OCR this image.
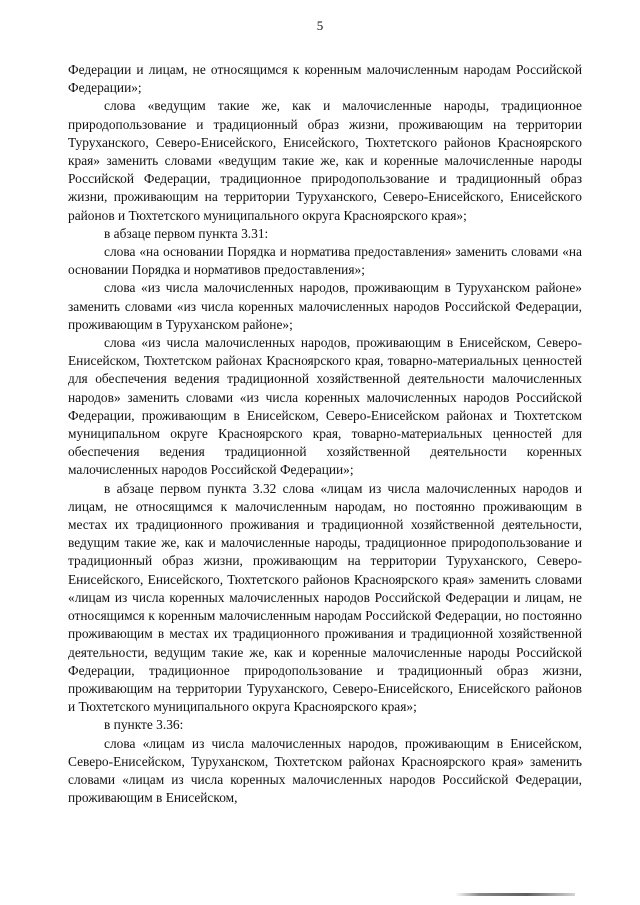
5

Федерации и лицам, не относящимся к коренным малочисленным народам Российской Федерации»;

слова «ведущим такие же, как и малочисленные народы, традиционное природопользование и традиционный образ жизни, проживающим на территории Туруханского, Северо-Енисейского, Енисейского, Тюхтетского районов Красноярского края» заменить словами «ведущим такие же, как и коренные малочисленные народы Российской Федерации, традиционное природопользование и традиционный образ жизни, проживающим на территории Туруханского, Северо-Енисейского, Енисейского районов и Тюхтетского муниципального округа Красноярского края»;

в абзаце первом пункта 3.31:

слова «на основании Порядка и норматива предоставления» заменить словами «на основании Порядка и нормативов предоставления»;

слова «из числа малочисленных народов, проживающим в Туруханском районе» заменить словами «из числа коренных малочисленных народов Российской Федерации, проживающим в Туруханском районе»;

слова «из числа малочисленных народов, проживающим в Енисейском, Северо-Енисейском, Тюхтетском районах Красноярского края, товарно-материальных ценностей для обеспечения ведения традиционной хозяйственной деятельности малочисленных народов» заменить словами «из числа коренных малочисленных народов Российской Федерации, проживающим в Енисейском, Северо-Енисейском районах и Тюхтетском муниципальном округе Красноярского края, товарно-материальных ценностей для обеспечения ведения традиционной хозяйственной деятельности коренных малочисленных народов Российской Федерации»;

в абзаце первом пункта 3.32 слова «лицам из числа малочисленных народов и лицам, не относящимся к малочисленным народам, но постоянно проживающим в местах их традиционного проживания и традиционной хозяйственной деятельности, ведущим такие же, как и малочисленные народы, традиционное природопользование и традиционный образ жизни, проживающим на территории Туруханского, Северо-Енисейского, Енисейского, Тюхтетского районов Красноярского края» заменить словами «лицам из числа коренных малочисленных народов Российской Федерации и лицам, не относящимся к коренным малочисленным народам Российской Федерации, но постоянно проживающим в местах их традиционного проживания и традиционной хозяйственной деятельности, ведущим такие же, как и коренные малочисленные народы Российской Федерации, традиционное природопользование и традиционный образ жизни, проживающим на территории Туруханского, Северо-Енисейского, Енисейского районов и Тюхтетского муниципального округа Красноярского края»;

в пункте 3.36:

слова «лицам из числа малочисленных народов, проживающим в Енисейском, Северо-Енисейском, Туруханском, Тюхтетском районах Красноярского края» заменить словами «лицам из числа коренных малочисленных народов Российской Федерации, проживающим в Енисейском,
